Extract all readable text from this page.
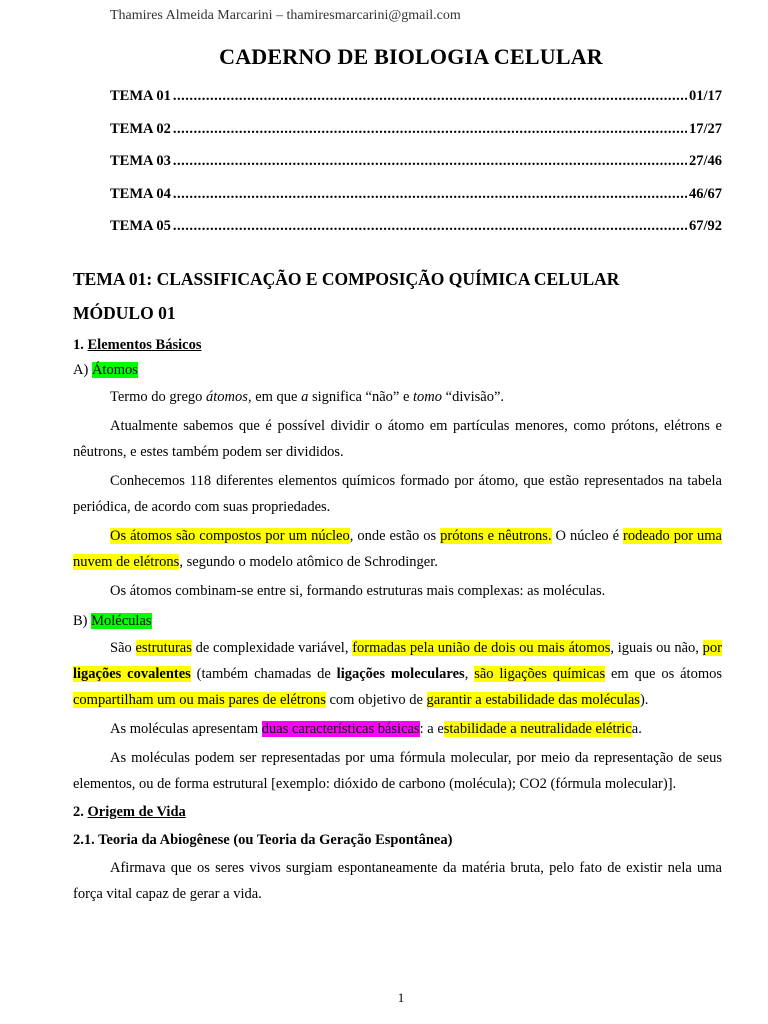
Thamires Almeida Marcarini – thamiresmarcarini@gmail.com
CADERNO DE BIOLOGIA CELULAR
TEMA 01 .....	01/17
TEMA 02 .....	17/27
TEMA 03 .....	27/46
TEMA 04 .....	46/67
TEMA 05 .....	67/92
TEMA 01: CLASSIFICAÇÃO E COMPOSIÇÃO QUÍMICA CELULAR
MÓDULO 01
1. Elementos Básicos
A) Átomos

Termo do grego átomos, em que a significa “não” e tomo “divisão”.

Atualmente sabemos que é possível dividir o átomo em partículas menores, como prótons, elétrons e nêutrons, e estes também podem ser divididos.

Conhecemos 118 diferentes elementos químicos formado por átomo, que estão representados na tabela periódica, de acordo com suas propriedades.

Os átomos são compostos por um núcleo, onde estão os prótons e nêutrons. O núcleo é rodeado por uma nuvem de elétrons, segundo o modelo atômico de Schrodinger.

Os átomos combinam-se entre si, formando estruturas mais complexas: as moléculas.

B) Moléculas

São estruturas de complexidade variável, formadas pela união de dois ou mais átomos, iguais ou não, por ligações covalentes (também chamadas de ligações moleculares, são ligações químicas em que os átomos compartilham um ou mais pares de elétrons com objetivo de garantir a estabilidade das moléculas).

As moléculas apresentam duas características básicas: a estabilidade a neutralidade elétrica.

As moléculas podem ser representadas por uma fórmula molecular, por meio da representação de seus elementos, ou de forma estrutural [exemplo: dióxido de carbono (molécula); CO2 (fórmula molecular)].

2. Origem de Vida
2.1. Teoria da Abiogênese (ou Teoria da Geração Espontânea)

Afirmava que os seres vivos surgiam espontaneamente da matéria bruta, pelo fato de existir nela uma força vital capaz de gerar a vida.

1
